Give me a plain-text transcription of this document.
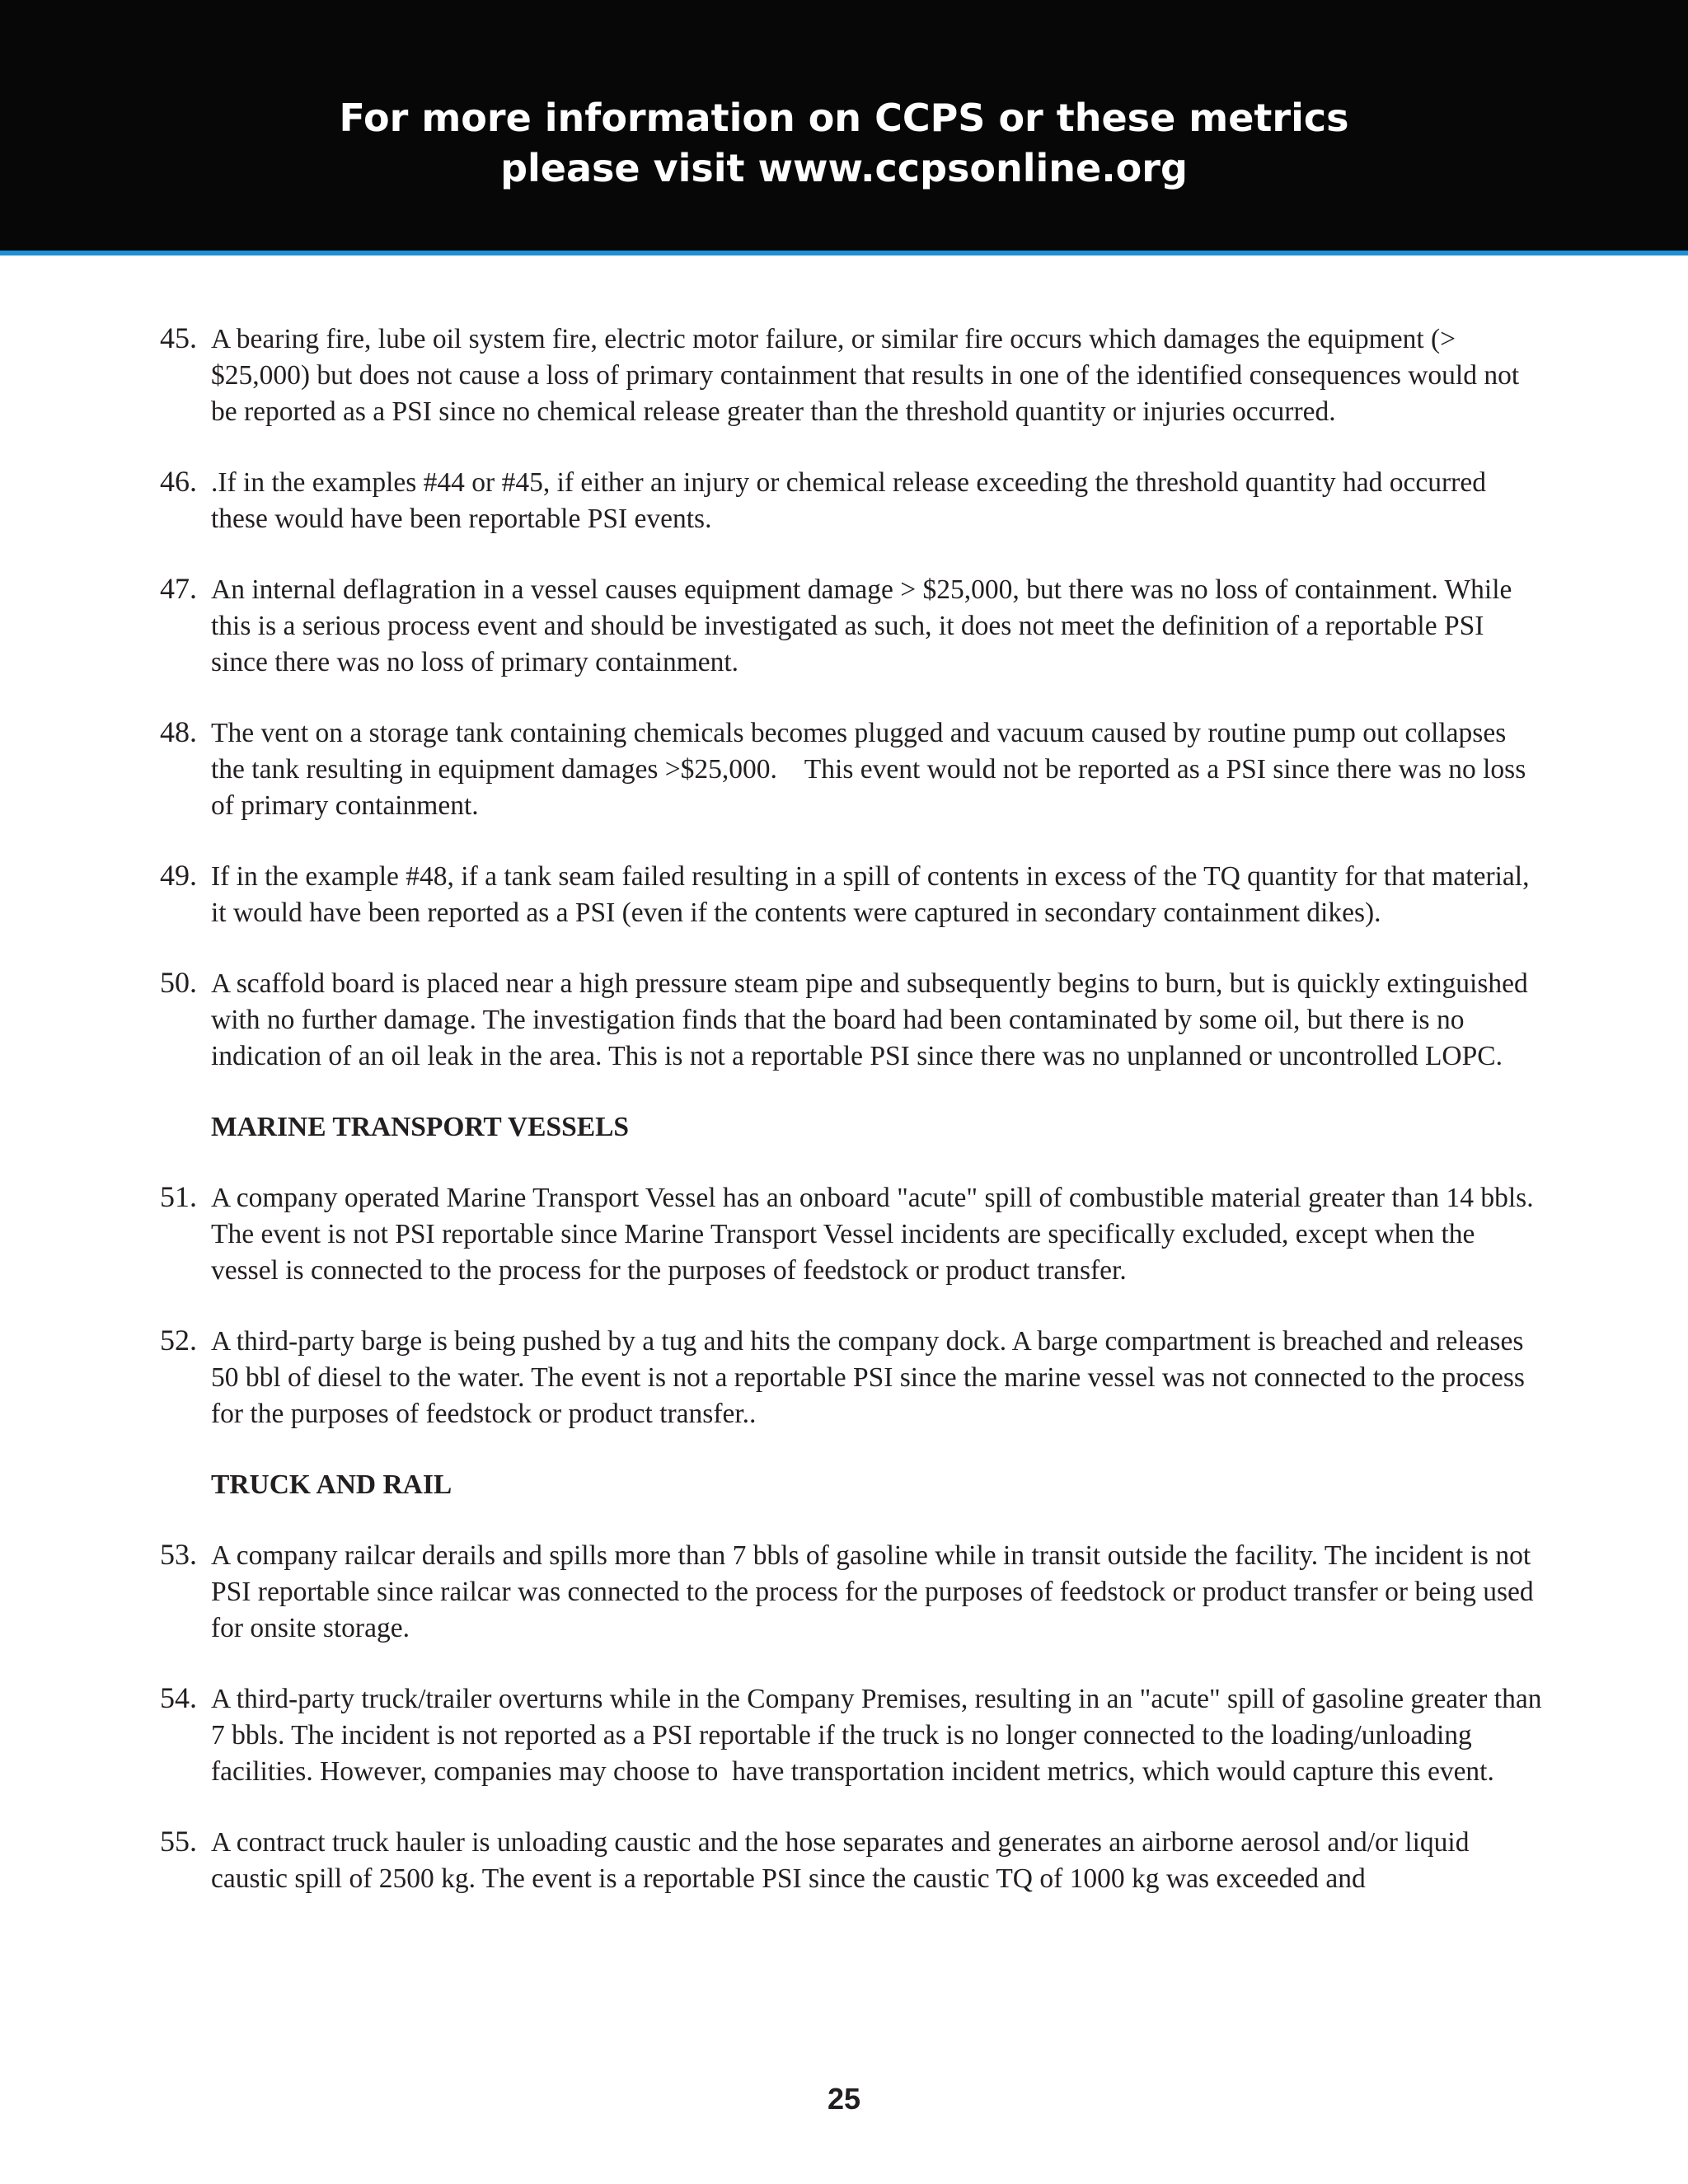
For more information on CCPS or these metrics
please visit www.ccpsonline.org
45. A bearing fire, lube oil system fire, electric motor failure, or similar fire occurs which damages the equipment (> $25,000) but does not cause a loss of primary containment that results in one of the identified consequences would not be reported as a PSI since no chemical release greater than the threshold quantity or injuries occurred.
46. .If in the examples #44 or #45, if either an injury or chemical release exceeding the threshold quantity had occurred these would have been reportable PSI events.
47. An internal deflagration in a vessel causes equipment damage > $25,000, but there was no loss of containment. While this is a serious process event and should be investigated as such, it does not meet the definition of a reportable PSI since there was no loss of primary containment.
48. The vent on a storage tank containing chemicals becomes plugged and vacuum caused by routine pump out collapses the tank resulting in equipment damages >$25,000.    This event would not be reported as a PSI since there was no loss of primary containment.
49. If in the example #48, if a tank seam failed resulting in a spill of contents in excess of the TQ quantity for that material, it would have been reported as a PSI (even if the contents were captured in secondary containment dikes).
50. A scaffold board is placed near a high pressure steam pipe and subsequently begins to burn, but is quickly extinguished with no further damage. The investigation finds that the board had been contaminated by some oil, but there is no indication of an oil leak in the area. This is not a reportable PSI since there was no unplanned or uncontrolled LOPC.
MARINE TRANSPORT VESSELS
51. A company operated Marine Transport Vessel has an onboard "acute" spill of combustible material greater than 14 bbls. The event is not PSI reportable since Marine Transport Vessel incidents are specifically excluded, except when the vessel is connected to the process for the purposes of feedstock or product transfer.
52. A third-party barge is being pushed by a tug and hits the company dock. A barge compartment is breached and releases 50 bbl of diesel to the water. The event is not a reportable PSI since the marine vessel was not connected to the process for the purposes of feedstock or product transfer..
TRUCK AND RAIL
53. A company railcar derails and spills more than 7 bbls of gasoline while in transit outside the facility. The incident is not PSI reportable since railcar was connected to the process for the purposes of feedstock or product transfer or being used for onsite storage.
54. A third-party truck/trailer overturns while in the Company Premises, resulting in an "acute" spill of gasoline greater than 7 bbls. The incident is not reported as a PSI reportable if the truck is no longer connected to the loading/unloading facilities. However, companies may choose to  have transportation incident metrics, which would capture this event.
55. A contract truck hauler is unloading caustic and the hose separates and generates an airborne aerosol and/or liquid caustic spill of 2500 kg. The event is a reportable PSI since the caustic TQ of 1000 kg was exceeded and
25
